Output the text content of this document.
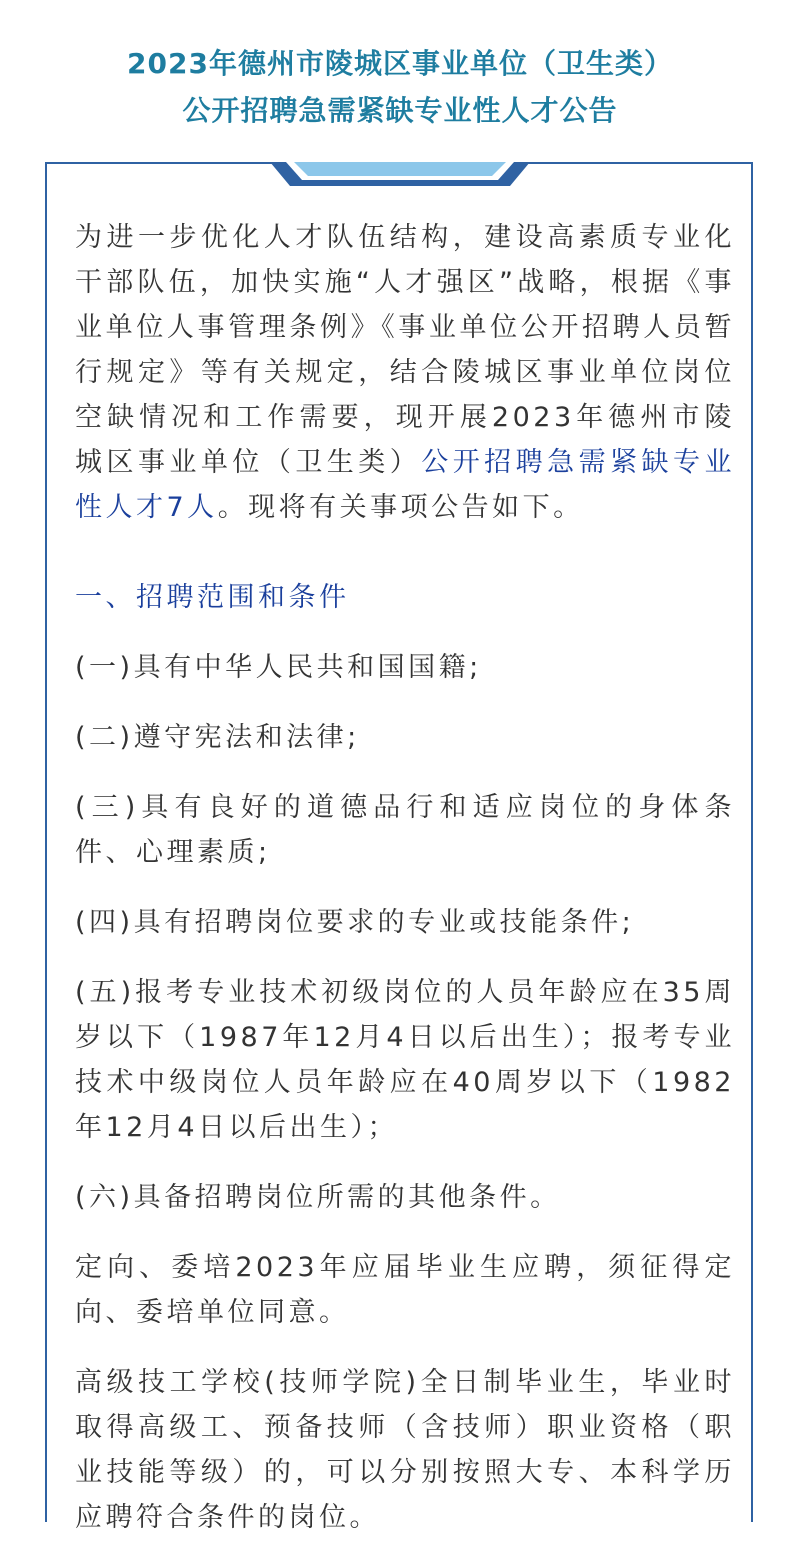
2023年德州市陵城区事业单位（卫生类）
公开招聘急需紧缺专业性人才公告

为进一步优化人才队伍结构，建设高素质专业化干部队伍，加快实施“人才强区”战略，根据《事业单位人事管理条例》《事业单位公开招聘人员暂行规定》等有关规定，结合陵城区事业单位岗位空缺情况和工作需要，现开展2023年德州市陵城区事业单位（卫生类）公开招聘急需紧缺专业性人才7人。现将有关事项公告如下。

一、招聘范围和条件

(一)具有中华人民共和国国籍;

(二)遵守宪法和法律;

(三)具有良好的道德品行和适应岗位的身体条件、心理素质;

(四)具有招聘岗位要求的专业或技能条件;

(五)报考专业技术初级岗位的人员年龄应在35周岁以下（1987年12月4日以后出生）；报考专业技术中级岗位人员年龄应在40周岁以下（1982年12月4日以后出生）；

(六)具备招聘岗位所需的其他条件。

定向、委培2023年应届毕业生应聘，须征得定向、委培单位同意。

高级技工学校(技师学院)全日制毕业生，毕业时取得高级工、预备技师（含技师）职业资格（职业技能等级）的，可以分别按照大专、本科学历应聘符合条件的岗位。
